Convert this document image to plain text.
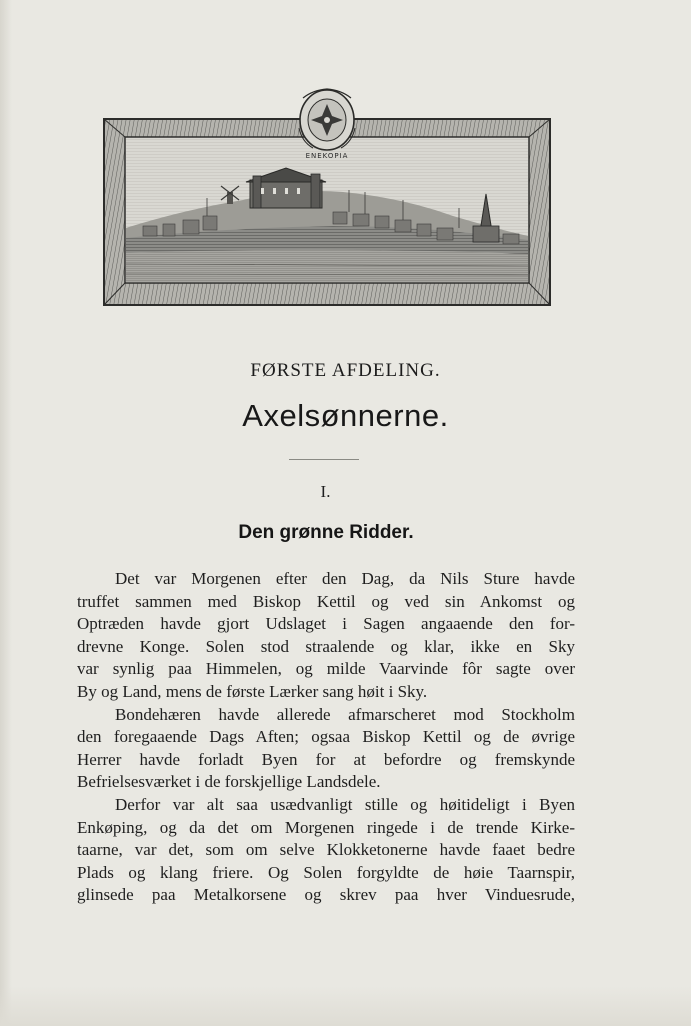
ENEKOPIA
FØRSTE AFDELING.
Axelsønnerne.
I.
Den grønne Ridder.
Det var Morgenen efter den Dag, da Nils Sture havde
truffet sammen med Biskop Kettil og ved sin Ankomst og
Optræden havde gjort Udslaget i Sagen angaaende den for-
drevne Konge. Solen stod straalende og klar, ikke en Sky
var synlig paa Himmelen, og milde Vaarvinde fôr sagte over
By og Land, mens de første Lærker sang høit i Sky.
Bondehæren havde allerede afmarscheret mod Stockholm
den foregaaende Dags Aften; ogsaa Biskop Kettil og de øvrige
Herrer havde forladt Byen for at befordre og fremskynde
Befrielsesværket i de forskjellige Landsdele.
Derfor var alt saa usædvanligt stille og høitideligt i Byen
Enkøping, og da det om Morgenen ringede i de trende Kirke-
taarne, var det, som om selve Klokketonerne havde faaet bedre
Plads og klang friere. Og Solen forgyldte de høie Taarnspir,
glinsede paa Metalkorsene og skrev paa hver Vinduesrude,
